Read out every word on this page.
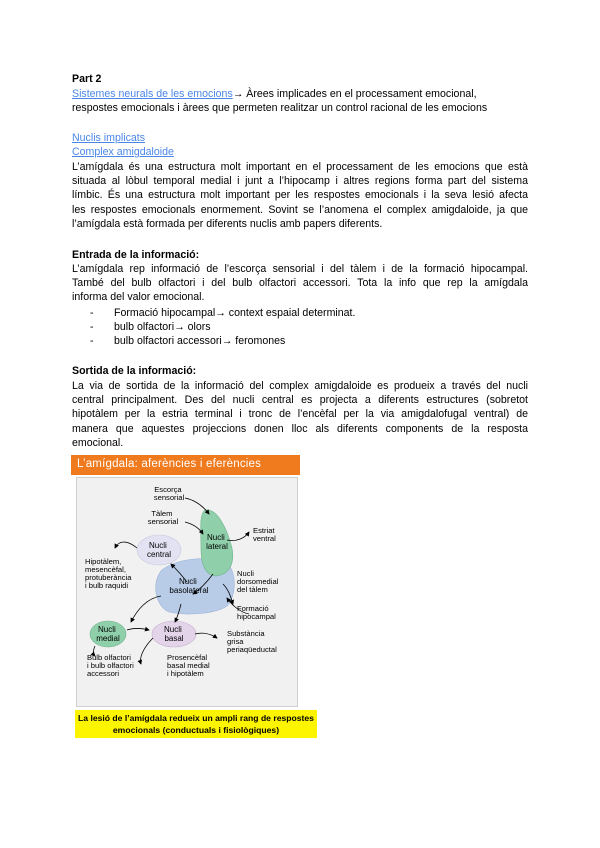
Part 2
Sistemes neurals de les emocions→ Àrees implicades en el processament emocional,
respostes emocionals i àrees que permeten realitzar un control racional de les emocions
Nuclis implicats
Complex amigdaloide
L’amígdala és una estructura molt important en el processament de les emocions que està
situada al lòbul temporal medial i junt a l’hipocamp i altres regions forma part del sistema
límbic. És una estructura molt important per les respostes emocionals i la seva lesió afecta
les respostes emocionals enormement. Sovint se l’anomena el complex amigdaloide, ja que
l’amígdala està formada per diferents nuclis amb papers diferents.
Entrada de la informació:
L’amígdala rep informació de l’escorça sensorial i del tàlem i de la formació hipocampal.
També del bulb olfactori i del bulb olfactori accessori. Tota la info que rep la amígdala
informa del valor emocional.
- Formació hipocampal→ context espaial determinat.
- bulb olfactori→ olors
- bulb olfactori accessori→ feromones
Sortida de la informació:
La via de sortida de la informació del complex amigdaloide es produeix a través del nucli
central principalment. Des del nucli central es projecta a diferents estructures (sobretot
hipotàlem per la estria terminal i tronc de l’encèfal per la via amigdalofugal ventral) de
manera que aquestes projeccions donen lloc als diferents components de la resposta
emocional.
L’amígdala: aferències i eferències
Nucli lateral
Nucli central
Nucli basolateral
Nucli medial
Nucli basal
Escorça sensorial
Tàlem sensorial
Estriat ventral
Hipotàlem, mesencèfal, protuberància i bulb raquidi
Nucli dorsomedial del tàlem
Formació hipocampal
Substància grisa periaqüeductal
Bulb olfactori i bulb olfactori accessori
Prosencèfal basal medial i hipotàlem
La lesió de l’amígdala redueix un ampli rang de respostes
emocionals (conductuals i fisiològiques)
